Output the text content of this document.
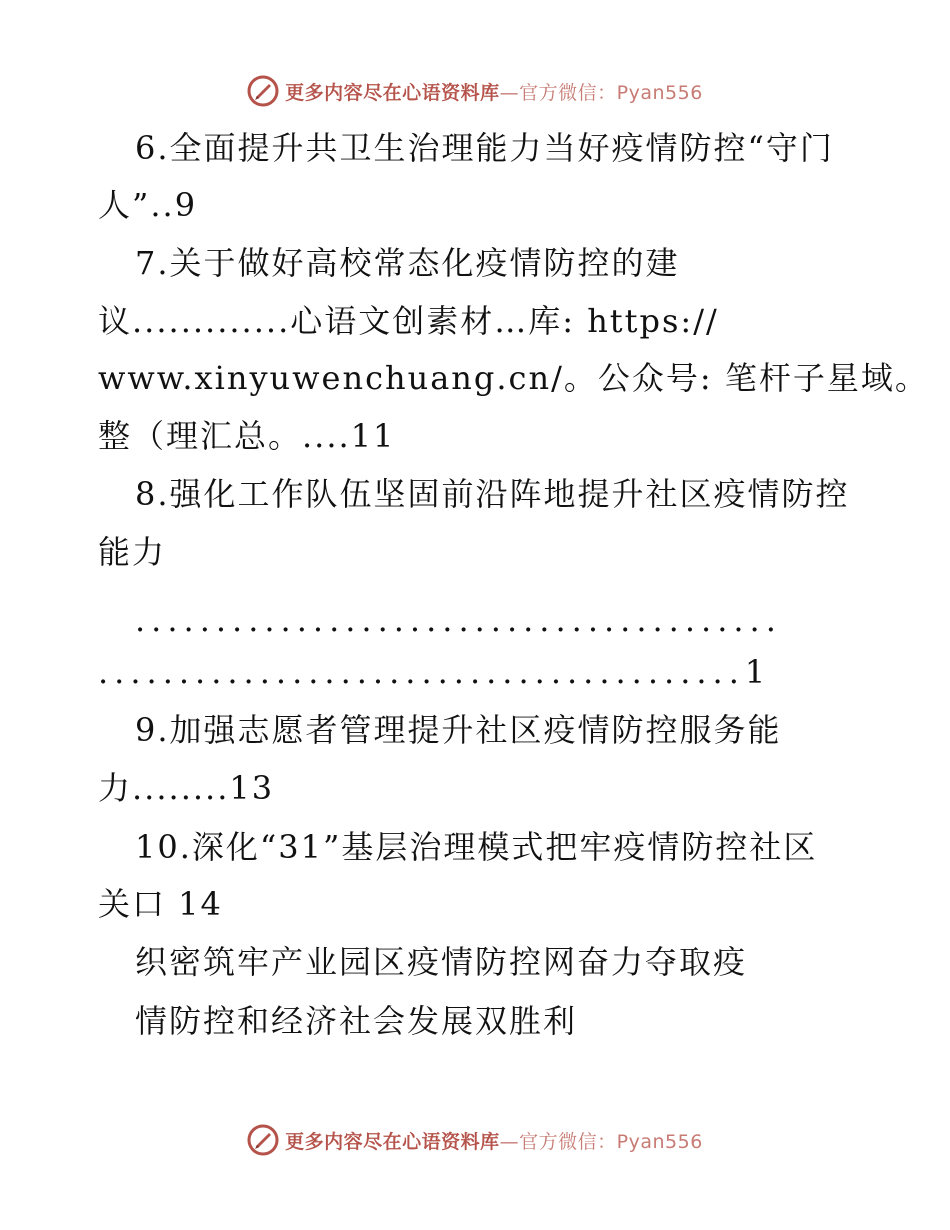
更多内容尽在心语资料库—官方微信：Pyan556
6.全面提升共卫生治理能力当好疫情防控“守门
人”..9
7.关于做好高校常态化疫情防控的建
议.............心语文创素材…库: https://
www.xinyuwenchuang.cn/。公众号: 笔杆子星域。
整（理汇总。....11
8.强化工作队伍坚固前沿阵地提升社区疫情防控
能力
........................................
........................................1
9.加强志愿者管理提升社区疫情防控服务能
力........13
10.深化“31”基层治理模式把牢疫情防控社区
关口 14
织密筑牢产业园区疫情防控网奋力夺取疫
情防控和经济社会发展双胜利
更多内容尽在心语资料库—官方微信：Pyan556
